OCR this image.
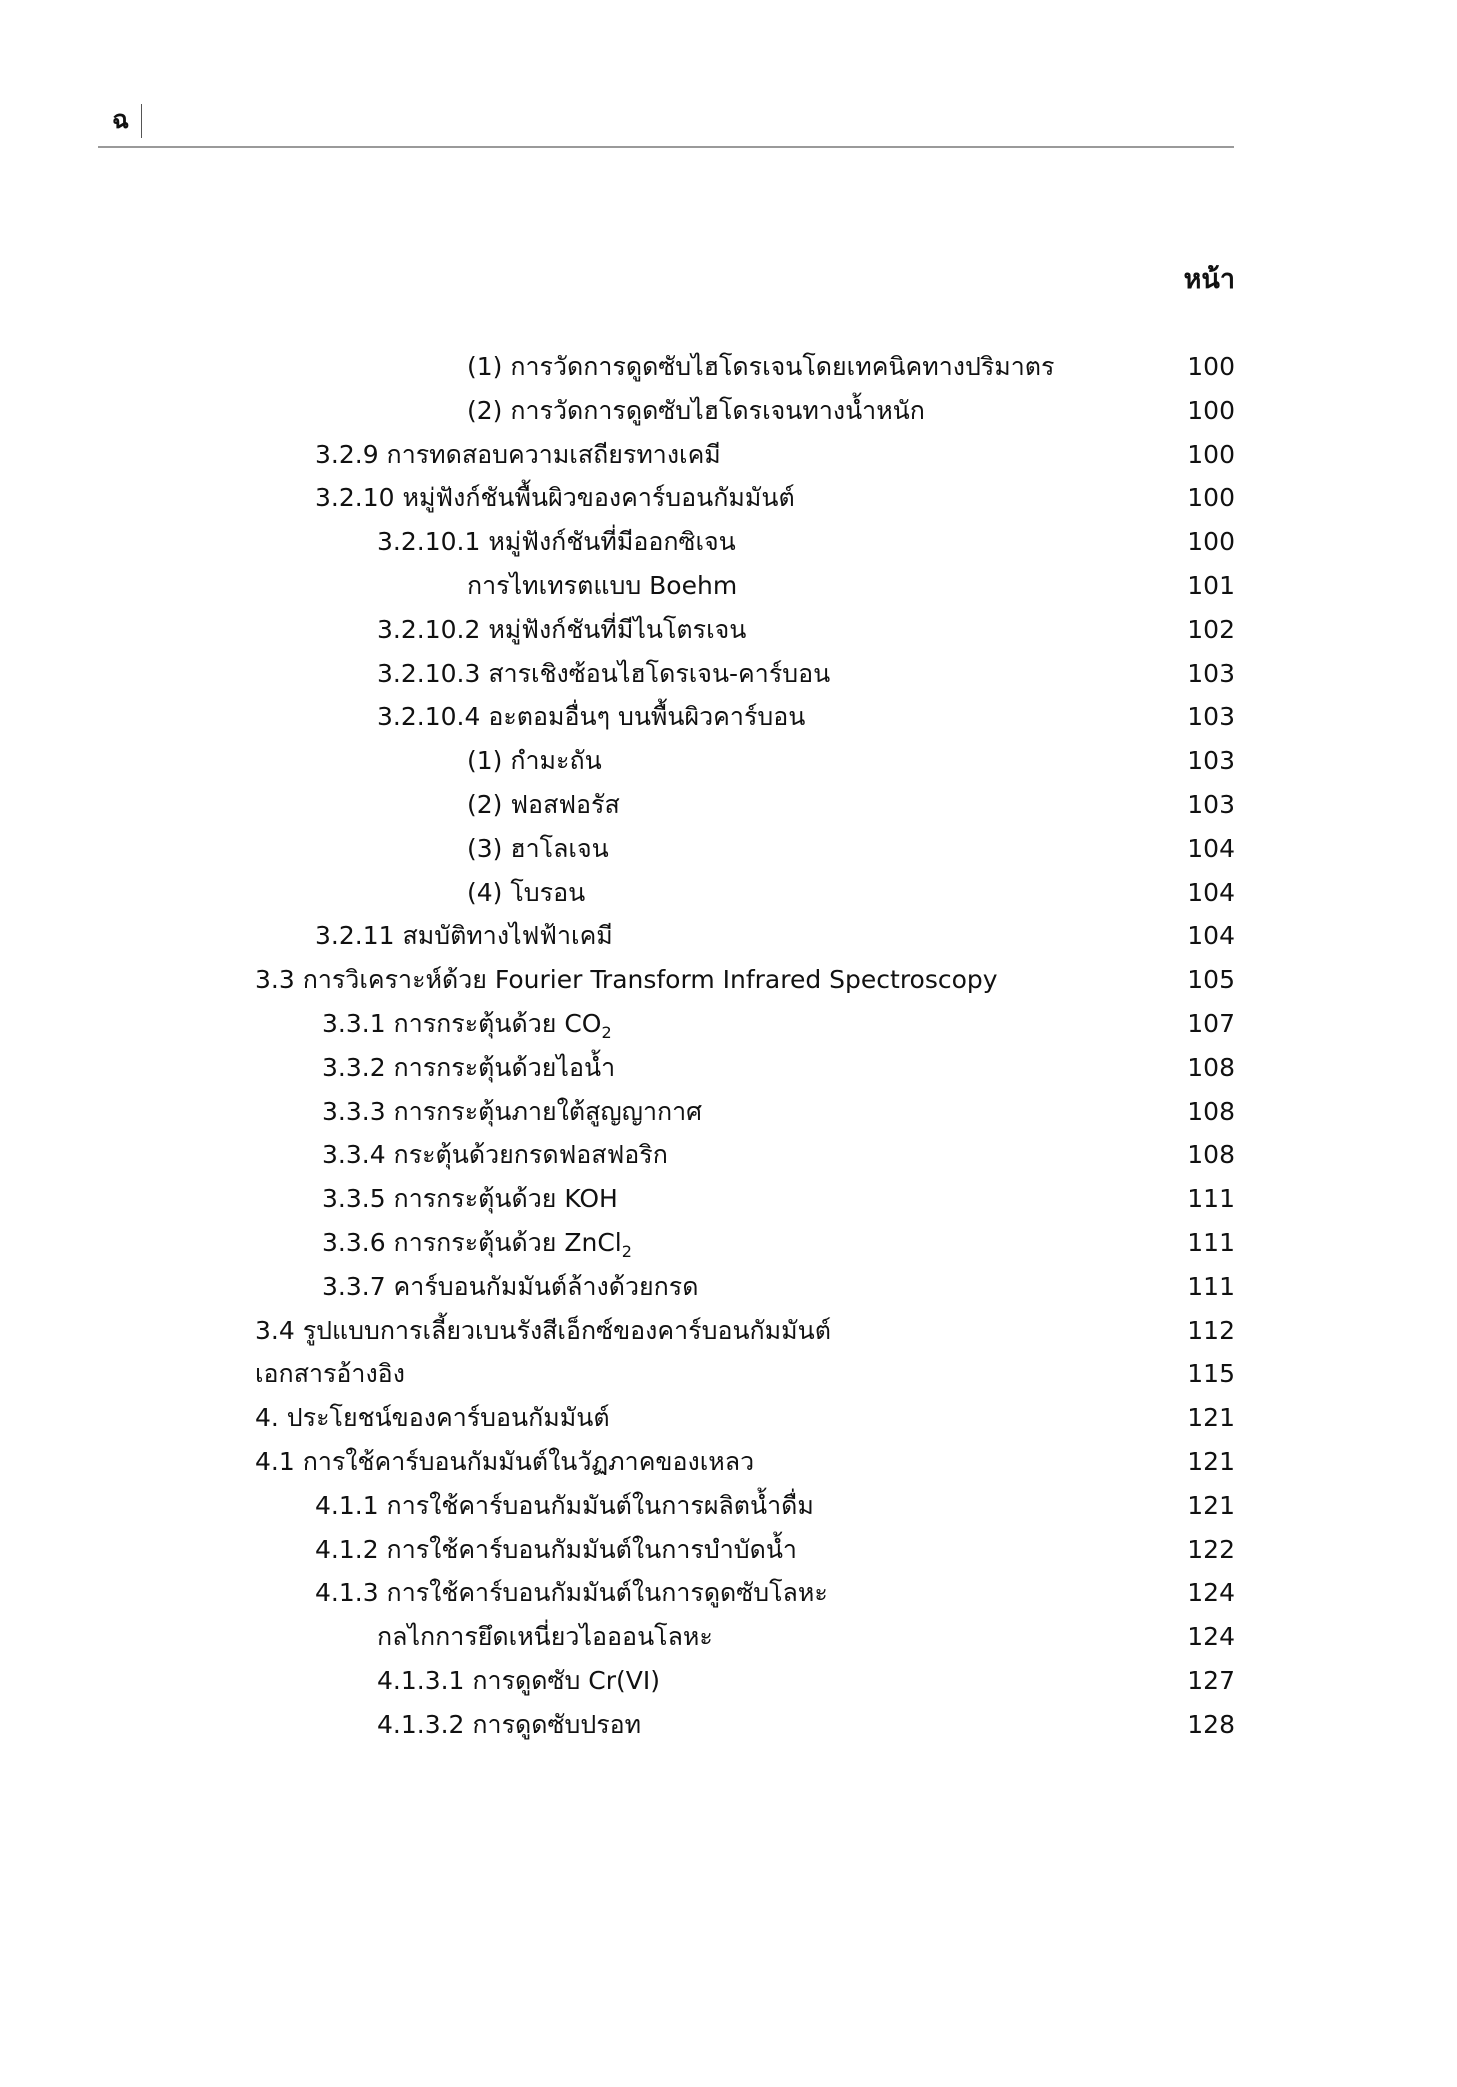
ฉ
หน้า
(1) การวัดการดูดซับไฮโดรเจนโดยเทคนิคทางปริมาตร	100
(2) การวัดการดูดซับไฮโดรเจนทางน้ำหนัก	100
3.2.9 การทดสอบความเสถียรทางเคมี	100
3.2.10 หมู่ฟังก์ชันพื้นผิวของคาร์บอนกัมมันต์	100
3.2.10.1 หมู่ฟังก์ชันที่มีออกซิเจน	100
การไทเทรตแบบ Boehm	101
3.2.10.2 หมู่ฟังก์ชันที่มีไนโตรเจน	102
3.2.10.3 สารเชิงซ้อนไฮโดรเจน-คาร์บอน	103
3.2.10.4 อะตอมอื่นๆ บนพื้นผิวคาร์บอน	103
(1) กำมะถัน	103
(2) ฟอสฟอรัส	103
(3) ฮาโลเจน	104
(4) โบรอน	104
3.2.11 สมบัติทางไฟฟ้าเคมี	104
3.3 การวิเคราะห์ด้วย Fourier Transform Infrared Spectroscopy	105
3.3.1 การกระตุ้นด้วย $CO_2$	107
3.3.2 การกระตุ้นด้วยไอน้ำ	108
3.3.3 การกระตุ้นภายใต้สูญญากาศ	108
3.3.4 กระตุ้นด้วยกรดฟอสฟอริก	108
3.3.5 การกระตุ้นด้วย KOH	111
3.3.6 การกระตุ้นด้วย ZnCl$_2$	111
3.3.7 คาร์บอนกัมมันต์ล้างด้วยกรด	111
3.4 รูปแบบการเลี้ยวเบนรังสีเอ็กซ์ของคาร์บอนกัมมันต์	112
เอกสารอ้างอิง	115
4. ประโยชน์ของคาร์บอนกัมมันต์	121
4.1 การใช้คาร์บอนกัมมันต์ในวัฏภาคของเหลว	121
4.1.1 การใช้คาร์บอนกัมมันต์ในการผลิตน้ำดื่ม	121
4.1.2 การใช้คาร์บอนกัมมันต์ในการบำบัดน้ำ	122
4.1.3 การใช้คาร์บอนกัมมันต์ในการดูดซับโลหะ	124
กลไกการยึดเหนี่ยวไอออนโลหะ	124
4.1.3.1 การดูดซับ Cr(VI)	127
4.1.3.2 การดูดซับปรอท	128
